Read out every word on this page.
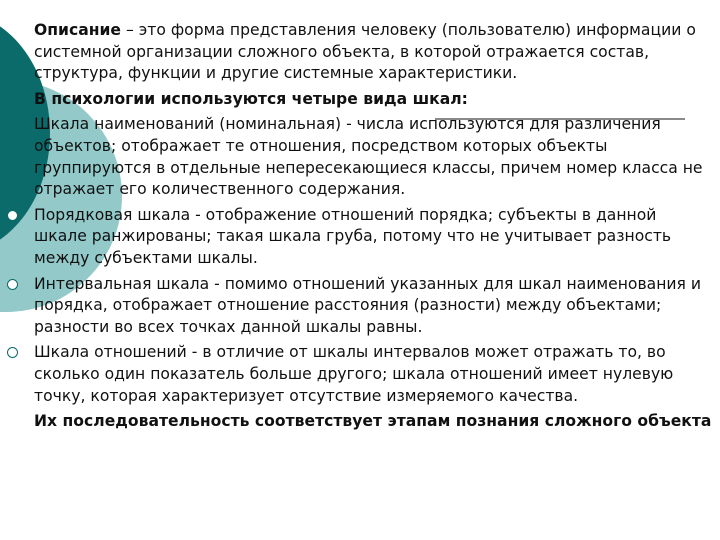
Описание – это форма представления человеку (пользователю) информации о системной организации сложного объекта, в которой отражается состав, структура, функции и другие системные характеристики.

В психологии используются четыре вида шкал:

Шкала наименований (номинальная) - числа используются для различения объектов; отображает те отношения, посредством которых объекты группируются в отдельные непересекающиеся классы, причем номер класса не отражает его количественного содержания.

Порядковая шкала - отображение отношений порядка; субъекты в данной шкале ранжированы; такая шкала груба, потому что не учитывает разность между субъектами шкалы.

Интервальная шкала - помимо отношений указанных для шкал наименования и порядка, отображает отношение расстояния (разности) между объектами; разности во всех точках данной шкалы равны.

Шкала отношений - в отличие от шкалы интервалов может отражать то, во сколько один показатель больше другого; шкала отношений имеет нулевую точку, которая характеризует отсутствие измеряемого качества.

Их последовательность соответствует этапам познания сложного объекта
